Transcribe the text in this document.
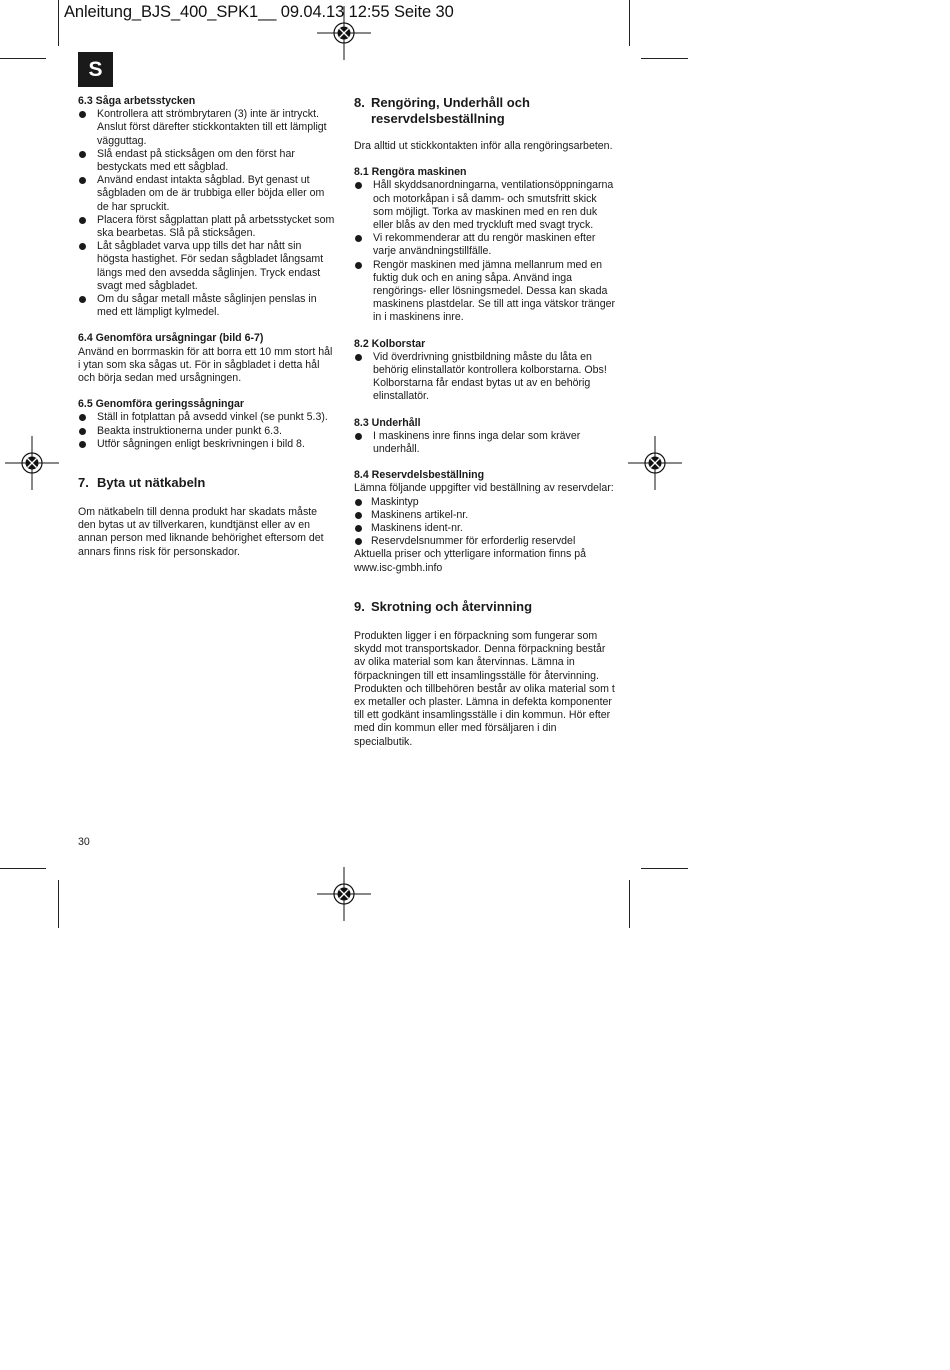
Anleitung_BJS_400_SPK1__ 09.04.13 12:55 Seite 30
S
6.3 Såga arbetsstycken
Kontrollera att strömbrytaren (3) inte är intryckt. Anslut först därefter stickkontakten till ett lämpligt vägguttag.
Slå endast på sticksågen om den först har bestyckats med ett sågblad.
Använd endast intakta sågblad. Byt genast ut sågbladen om de är trubbiga eller böjda eller om de har spruckit.
Placera först sågplattan platt på arbetsstycket som ska bearbetas. Slå på sticksågen.
Låt sågbladet varva upp tills det har nått sin högsta hastighet. För sedan sågbladet långsamt längs med den avsedda såglinjen. Tryck endast svagt med sågbladet.
Om du sågar metall måste såglinjen penslas in med ett lämpligt kylmedel.
6.4 Genomföra ursågningar (bild 6-7)

Använd en borrmaskin för att borra ett 10 mm stort hål i ytan som ska sågas ut. För in sågbladet i detta hål och börja sedan med ursågningen.

6.5 Genomföra geringssågningar
Ställ in fotplattan på avsedd vinkel (se punkt 5.3).
Beakta instruktionerna under punkt 6.3.
Utför sågningen enligt beskrivningen i bild 8.
7. Byta ut nätkabeln

Om nätkabeln till denna produkt har skadats måste den bytas ut av tillverkaren, kundtjänst eller av en annan person med liknande behörighet eftersom det annars finns risk för personskador.

8. Rengöring, Underhåll och
reservdelsbeställning

Dra alltid ut stickkontakten inför alla rengöringsarbeten.

8.1 Rengöra maskinen
Håll skyddsanordningarna, ventilationsöppningarna och motorkåpan i så damm- och smutsfritt skick som möjligt. Torka av maskinen med en ren duk eller blås av den med tryckluft med svagt tryck.
Vi rekommenderar att du rengör maskinen efter varje användningstillfälle.
Rengör maskinen med jämna mellanrum med en fuktig duk och en aning såpa. Använd inga rengörings- eller lösningsmedel. Dessa kan skada maskinens plastdelar. Se till att inga vätskor tränger in i maskinens inre.
8.2 Kolborstar
Vid överdrivning gnistbildning måste du låta en behörig elinstallatör kontrollera kolborstarna. Obs! Kolborstarna får endast bytas ut av en behörig elinstallatör.
8.3 Underhåll
I maskinens inre finns inga delar som kräver underhåll.
8.4 Reservdelsbeställning

Lämna följande uppgifter vid beställning av reservdelar:

Maskintyp
Maskinens artikel-nr.
Maskinens ident-nr.
Reservdelsnummer för erforderlig reservdel

Aktuella priser och ytterligare information finns på www.isc-gmbh.info

9. Skrotning och återvinning

Produkten ligger i en förpackning som fungerar som skydd mot transportskador. Denna förpackning består av olika material som kan återvinnas. Lämna in förpackningen till ett insamlingsställe för återvinning.

Produkten och tillbehören består av olika material som t ex metaller och plaster. Lämna in defekta komponenter till ett godkänt insamlingsställe i din kommun. Hör efter med din kommun eller med försäljaren i din specialbutik.

30
